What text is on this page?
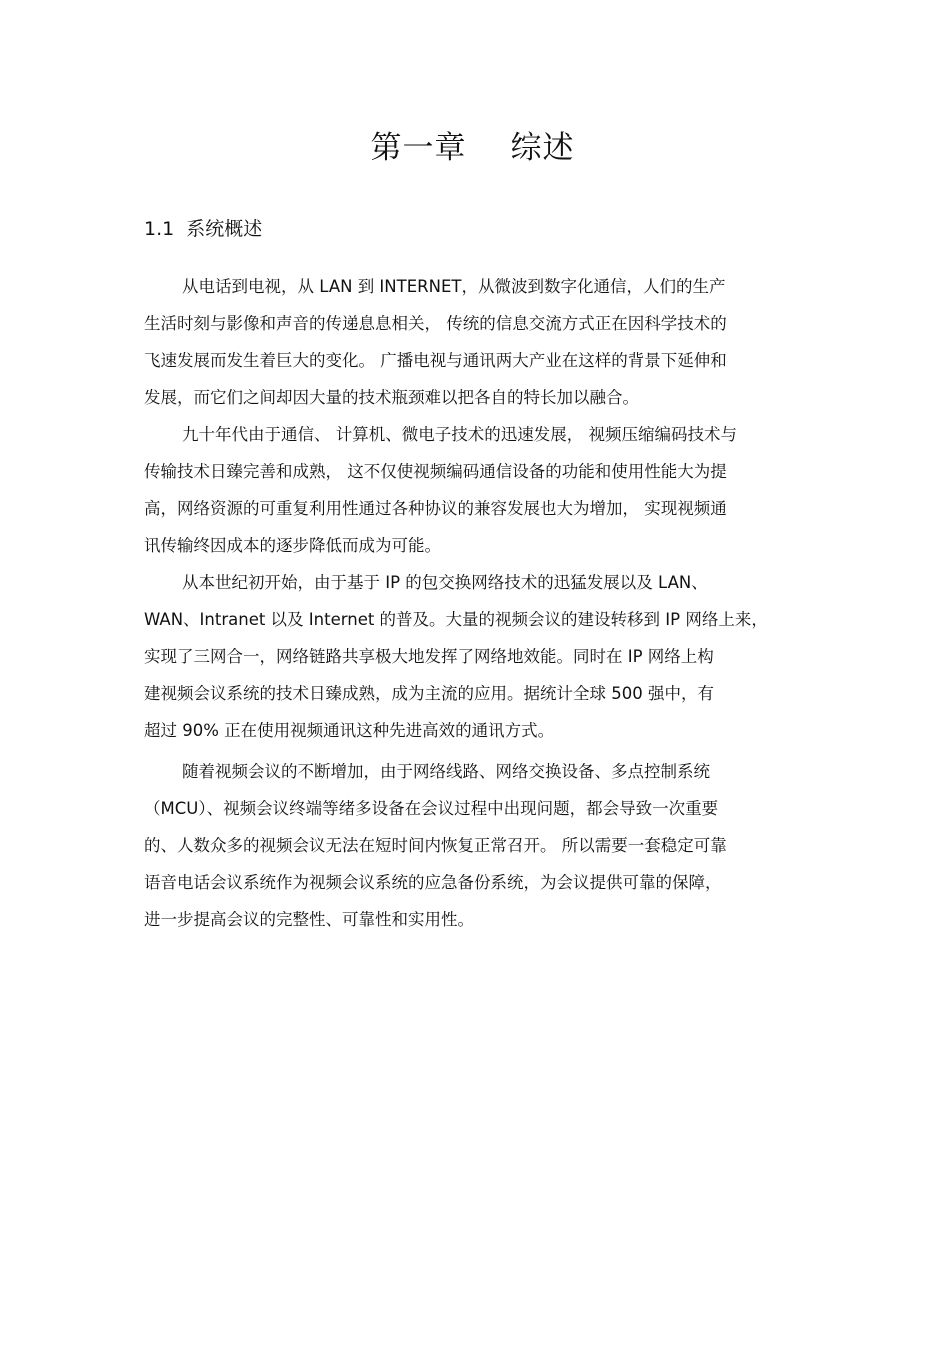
第一章 综述
1.1 系统概述
从电话到电视，从 LAN 到 INTERNET，从微波到数字化通信，人们的生产
生活时刻与影像和声音的传递息息相关， 传统的信息交流方式正在因科学技术的
飞速发展而发生着巨大的变化。 广播电视与通讯两大产业在这样的背景下延伸和
发展，而它们之间却因大量的技术瓶颈难以把各自的特长加以融合。
九十年代由于通信、 计算机、微电子技术的迅速发展， 视频压缩编码技术与
传输技术日臻完善和成熟， 这不仅使视频编码通信设备的功能和使用性能大为提
高，网络资源的可重复利用性通过各种协议的兼容发展也大为增加， 实现视频通
讯传输终因成本的逐步降低而成为可能。
从本世纪初开始，由于基于 IP 的包交换网络技术的迅猛发展以及 LAN、
WAN、Intranet 以及 Internet 的普及。大量的视频会议的建设转移到 IP 网络上来，
实现了三网合一，网络链路共享极大地发挥了网络地效能。同时在 IP 网络上构
建视频会议系统的技术日臻成熟，成为主流的应用。据统计全球 500 强中，有
超过 90% 正在使用视频通讯这种先进高效的通讯方式。
随着视频会议的不断增加，由于网络线路、网络交换设备、多点控制系统
（MCU）、视频会议终端等绪多设备在会议过程中出现问题，都会导致一次重要
的、人数众多的视频会议无法在短时间内恢复正常召开。 所以需要一套稳定可靠
语音电话会议系统作为视频会议系统的应急备份系统，为会议提供可靠的保障，
进一步提高会议的完整性、可靠性和实用性。
